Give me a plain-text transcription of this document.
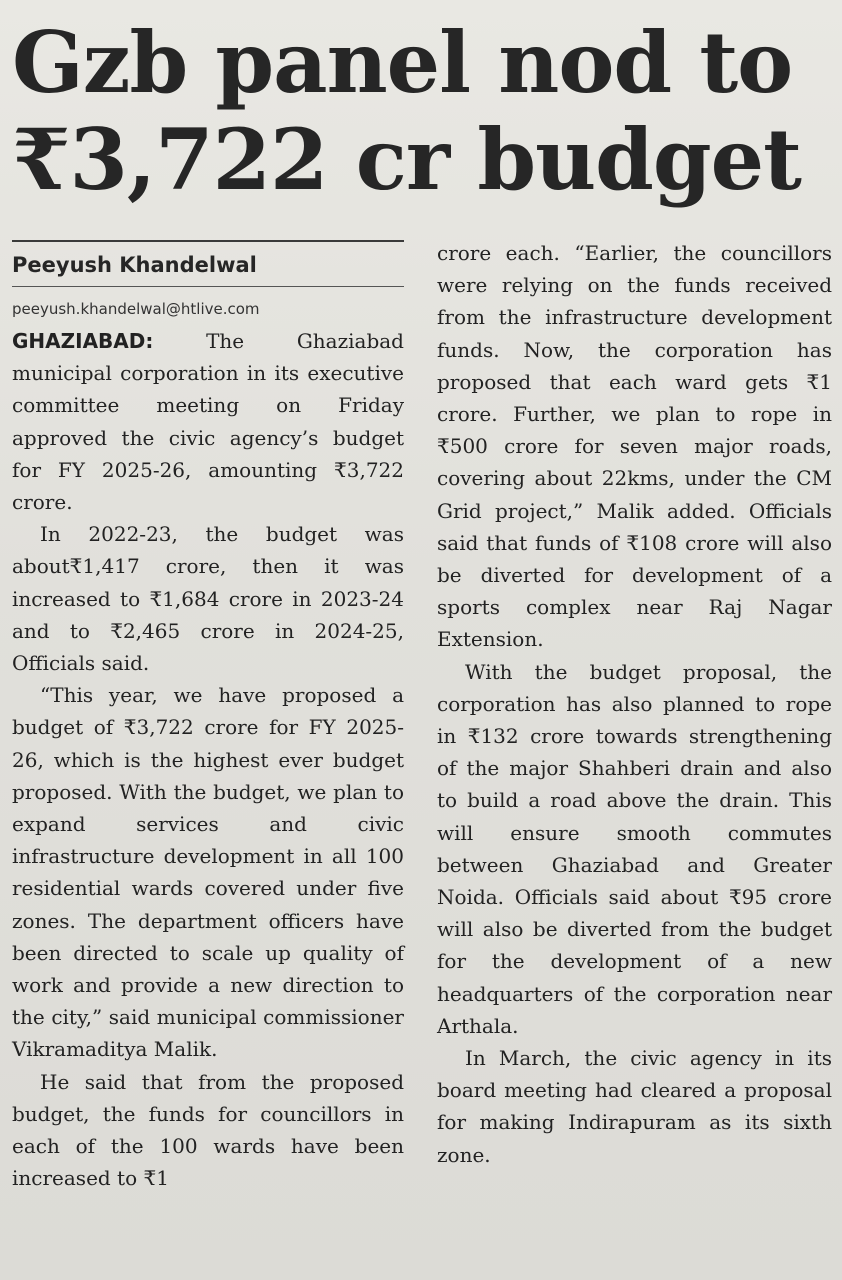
Gzb panel nod to
₹3,722 cr budget

Peeyush Khandelwal

peeyush.khandelwal@htlive.com

GHAZIABAD:	The Ghaziabad municipal corporation in its executive committee meeting on Friday approved the civic agency’s budget for FY 2025-26, amounting ₹3,722 crore.

In 2022-23, the budget was about₹1,417 crore, then it was increased to ₹1,684 crore in 2023-24 and to ₹2,465 crore in 2024-25, Officials said.

“This year, we have proposed a budget of ₹3,722 crore for FY 2025-26, which is the highest ever budget proposed. With the budget, we plan to expand services and civic infrastructure development in all 100 residential wards covered under five zones. The department officers have been directed to scale up quality of work and provide a new direction to the city,” said municipal commissioner Vikramaditya Malik.

He said that from the proposed budget, the funds for councillors in each of the 100 wards have been increased to ₹1

crore each. “Earlier, the councillors were relying on the funds received from the infrastructure development funds. Now, the corporation has proposed that each ward gets ₹1 crore. Further, we plan to rope in ₹500 crore for seven major roads, covering about 22kms, under the CM Grid project,” Malik added. Officials said that funds of ₹108 crore will also be diverted for development of a sports complex near Raj Nagar Extension.

With the budget proposal, the corporation has also planned to rope in ₹132 crore towards strengthening of the major Shahberi drain and also to build a road above the drain. This will ensure smooth commutes between Ghaziabad and Greater Noida. Officials said about ₹95 crore will also be diverted from the budget for the development of a new headquarters of the corporation near Arthala.

In March, the civic agency in its board meeting had cleared a proposal for making Indirapuram as its sixth zone.
